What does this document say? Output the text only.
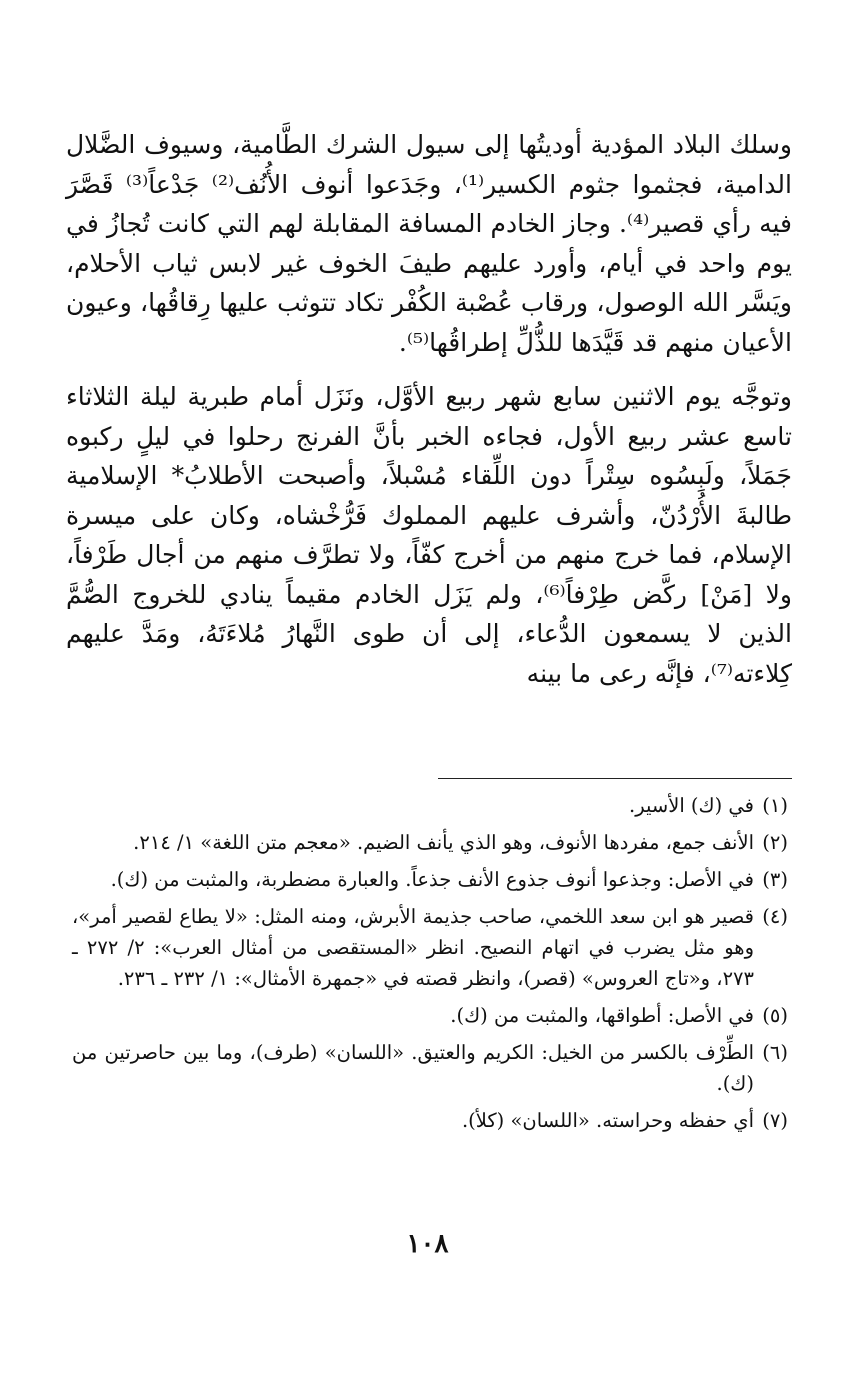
وسلك البلاد المؤدية أوديتُها إلى سيول الشرك الطَّامية، وسيوف الضَّلال الدامية، فجثموا جثوم الكسير⁽¹⁾، وجَدَعوا أنوف الأُنُف⁽²⁾ جَدْعاً⁽³⁾ قَصَّرَ فيه رأي قصير⁽⁴⁾. وجاز الخادم المسافة المقابلة لهم التي كانت تُجازُ في يوم واحد في أيام، وأورد عليهم طيفَ الخوف غير لابس ثياب الأحلام، ويَسَّر الله الوصول، ورقاب عُصْبة الكُفْر تكاد تتوثب عليها رِقاقُها، وعيون الأعيان منهم قد قَيَّدَها للذُّلِّ إطراقُها⁽⁵⁾.

وتوجَّه يوم الاثنين سابع شهر ربيع الأوَّل، ونَزَل أمام طبرية ليلة الثلاثاء تاسع عشر ربيع الأول، فجاءه الخبر بأنَّ الفرنج رحلوا في ليلٍ ركبوه جَمَلاً، ولَبِسُوه سِتْراً دون اللِّقاء مُسْبلاً، وأصبحت الأطلابُ* الإسلامية طالبةَ الأُرْدُنّ، وأشرف عليهم المملوك فَرُّخْشاه، وكان على ميسرة الإسلام، فما خرج منهم من أخرج كفّاً، ولا تطرَّف منهم من أجال طَرْفاً، ولا [مَنْ] ركَّض طِرْفاً⁽⁶⁾، ولم يَزَل الخادم مقيماً ينادي للخروج الصُّمَّ الذين لا يسمعون الدُّعاء، إلى أن طوى النَّهارُ مُلاءَتَهُ، ومَدَّ عليهم كِلاءته⁽⁷⁾، فإنَّه رعى ما بينه

(١)
في (ك) الأسير.
(٢)
الأنف جمع، مفردها الأنوف، وهو الذي يأنف الضيم. «معجم متن اللغة» ١/ ٢١٤.
(٣)
في الأصل: وجذعوا أنوف جذوع الأنف جذعاً. والعبارة مضطربة، والمثبت من (ك).
(٤)
قصير هو ابن سعد اللخمي، صاحب جذيمة الأبرش، ومنه المثل: «لا يطاع لقصير أمر»، وهو مثل يضرب في اتهام النصيح. انظر «المستقصى من أمثال العرب»: ٢/ ٢٧٢ ـ ٢٧٣، و«تاج العروس» (قصر)، وانظر قصته في «جمهرة الأمثال»: ١/ ٢٣٢ ـ ٢٣٦.
(٥)
في الأصل: أطواقها، والمثبت من (ك).
(٦)
الطِّرْف بالكسر من الخيل: الكريم والعتيق. «اللسان» (طرف)، وما بين حاصرتين من (ك).
(٧)
أي حفظه وحراسته. «اللسان» (كلأ).
١٠٨
